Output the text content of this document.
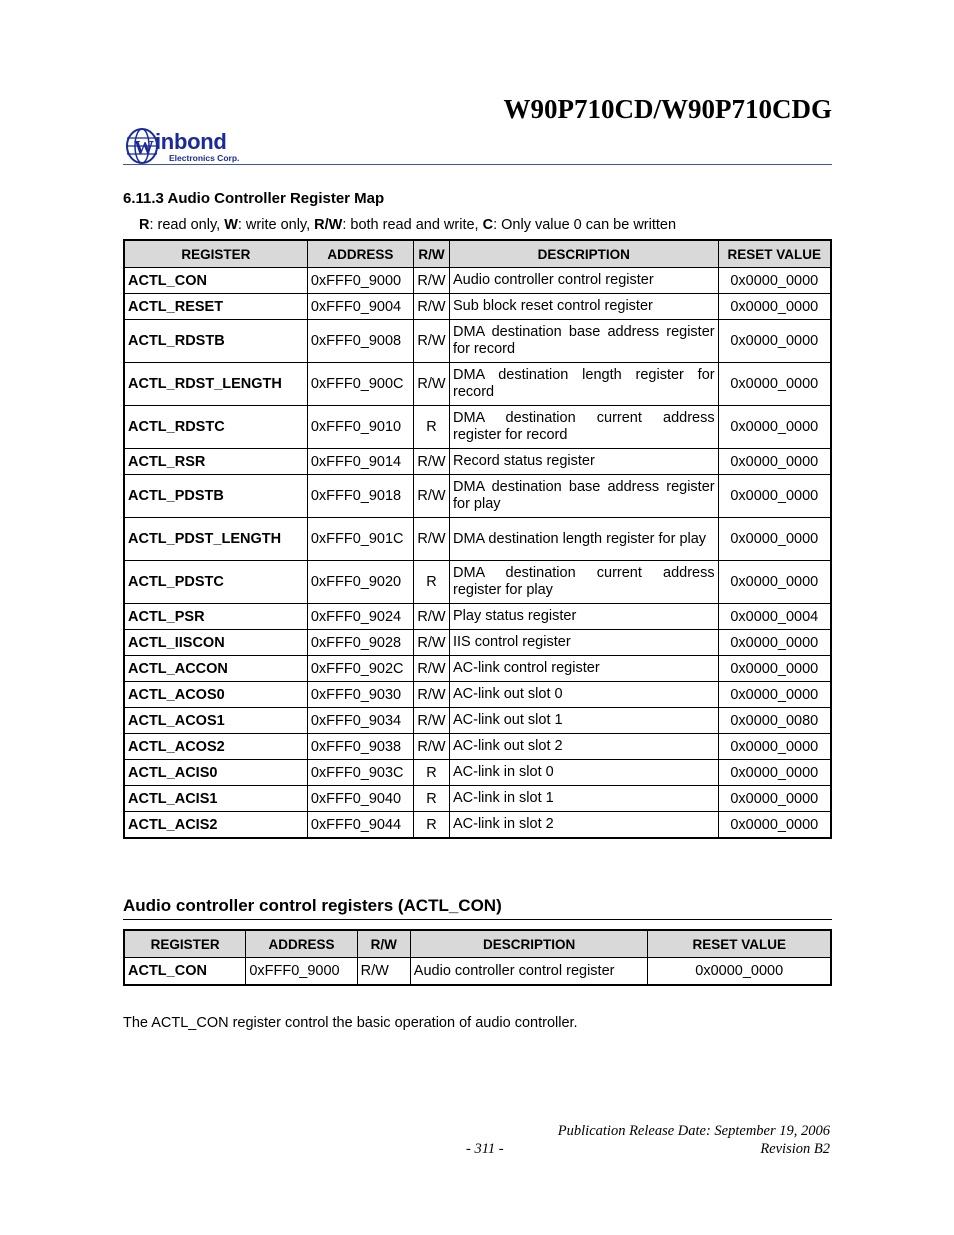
W90P710CD/W90P710CDG
W inbond
Electronics Corp.
6.11.3 Audio Controller Register Map
R: read only, W: write only, R/W: both read and write, C: Only value 0 can be written
REGISTER	ADDRESS	R/W	DESCRIPTION	RESET VALUE
ACTL_CON	0xFFF0_9000	R/W	Audio controller control register	0x0000_0000
ACTL_RESET	0xFFF0_9004	R/W	Sub block reset control register	0x0000_0000
ACTL_RDSTB	0xFFF0_9008	R/W	DMA destination base address register for record	0x0000_0000
ACTL_RDST_LENGTH	0xFFF0_900C	R/W	DMA destination length register for record	0x0000_0000
ACTL_RDSTC	0xFFF0_9010	R	DMA destination current address register for record	0x0000_0000
ACTL_RSR	0xFFF0_9014	R/W	Record status register	0x0000_0000
ACTL_PDSTB	0xFFF0_9018	R/W	DMA destination base address register for play	0x0000_0000
ACTL_PDST_LENGTH	0xFFF0_901C	R/W	DMA destination length register for play	0x0000_0000
ACTL_PDSTC	0xFFF0_9020	R	DMA destination current address register for play	0x0000_0000
ACTL_PSR	0xFFF0_9024	R/W	Play status register	0x0000_0004
ACTL_IISCON	0xFFF0_9028	R/W	IIS control register	0x0000_0000
ACTL_ACCON	0xFFF0_902C	R/W	AC-link control register	0x0000_0000
ACTL_ACOS0	0xFFF0_9030	R/W	AC-link out slot 0	0x0000_0000
ACTL_ACOS1	0xFFF0_9034	R/W	AC-link out slot 1	0x0000_0080
ACTL_ACOS2	0xFFF0_9038	R/W	AC-link out slot 2	0x0000_0000
ACTL_ACIS0	0xFFF0_903C	R	AC-link in slot 0	0x0000_0000
ACTL_ACIS1	0xFFF0_9040	R	AC-link in slot 1	0x0000_0000
ACTL_ACIS2	0xFFF0_9044	R	AC-link in slot 2	0x0000_0000
Audio controller control registers (ACTL_CON)
REGISTER	ADDRESS	R/W	DESCRIPTION	RESET VALUE
ACTL_CON	0xFFF0_9000	R/W	Audio controller control register	0x0000_0000
The ACTL_CON register control the basic operation of audio controller.
Publication Release Date: September 19, 2006
- 311 -	Revision B2
